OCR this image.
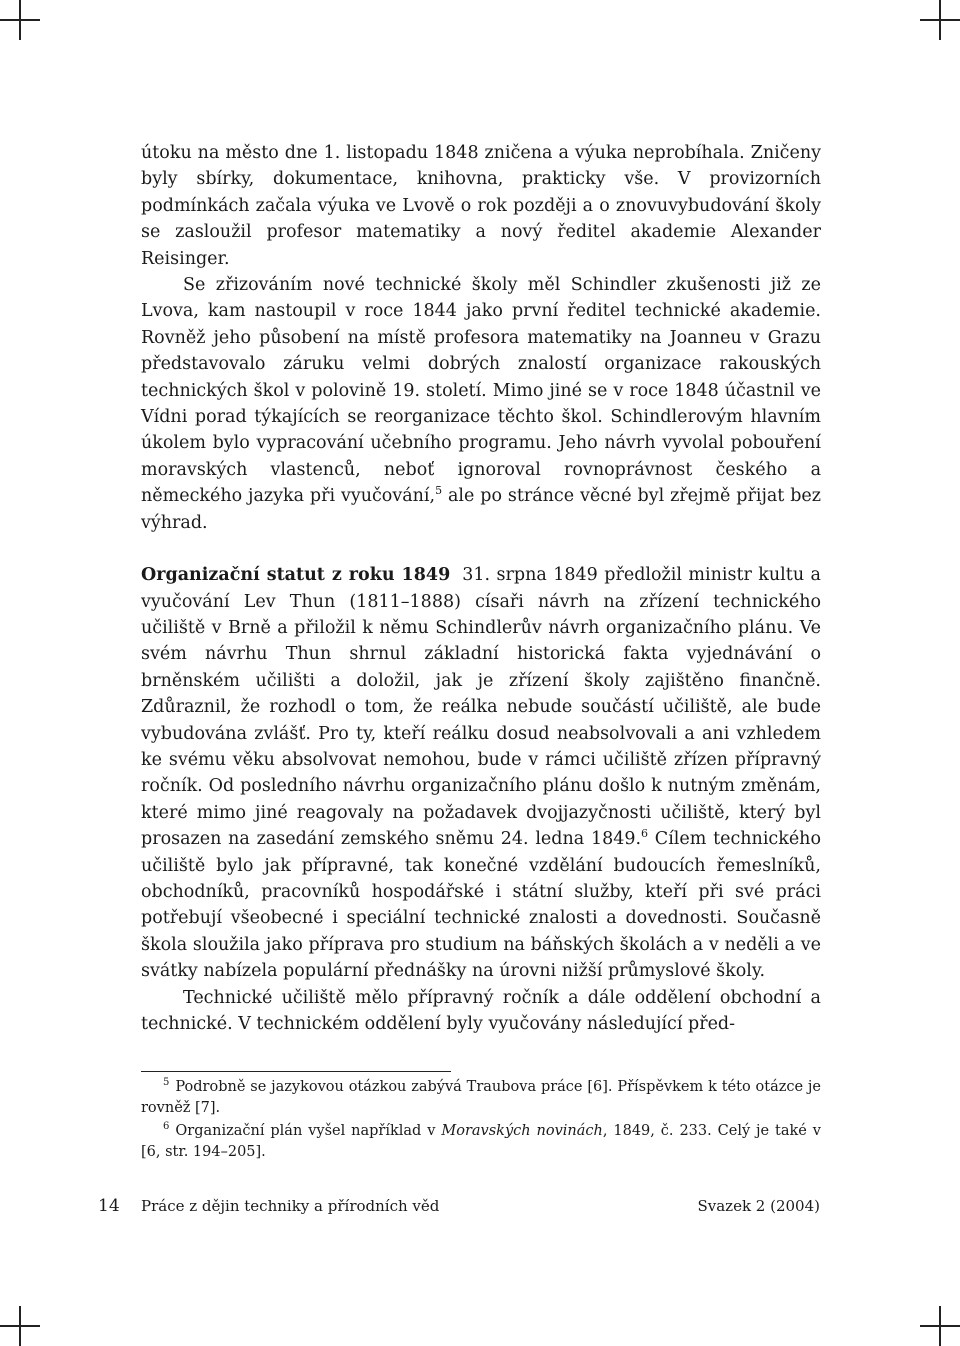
útoku na město dne 1. listopadu 1848 zničena a výuka neprobíhala. Zničeny byly sbírky, dokumentace, knihovna, prakticky vše. V provizorních podmínkách začala výuka ve Lvově o rok později a o znovuvybudování školy se zasloužil profesor matematiky a nový ředitel akademie Alexander Reisinger.

Se zřizováním nové technické školy měl Schindler zkušenosti již ze Lvova, kam nastoupil v roce 1844 jako první ředitel technické akademie. Rovněž jeho působení na místě profesora matematiky na Joanneu v Grazu představovalo záruku velmi dobrých znalostí organizace rakouských technických škol v polovině 19. století. Mimo jiné se v roce 1848 účastnil ve Vídni porad týkajících se reorganizace těchto škol. Schindlerovým hlavním úkolem bylo vypracování učebního programu. Jeho návrh vyvolal pobouření moravských vlastenců, neboť ignoroval rovnoprávnost českého a německého jazyka při vyučování,$^5$ ale po stránce věcné byl zřejmě přijat bez výhrad.

Organizační statut z roku 1849 31. srpna 1849 předložil ministr kultu a vyučování Lev Thun (1811–1888) císaři návrh na zřízení technického učiliště v Brně a přiložil k němu Schindlerův návrh organizačního plánu. Ve svém návrhu Thun shrnul základní historická fakta vyjednávání o brněnském učilišti a doložil, jak je zřízení školy zajištěno finančně. Zdůraznil, že rozhodl o tom, že reálka nebude součástí učiliště, ale bude vybudována zvlášť. Pro ty, kteří reálku dosud neabsolvovali a ani vzhledem ke svému věku absolvovat nemohou, bude v rámci učiliště zřízen přípravný ročník. Od posledního návrhu organizačního plánu došlo k nutným změnám, které mimo jiné reagovaly na požadavek dvojjazyčnosti učiliště, který byl prosazen na zasedání zemského sněmu 24. ledna 1849.$^6$ Cílem technického učiliště bylo jak přípravné, tak konečné vzdělání budoucích řemeslníků, obchodníků, pracovníků hospodářské i státní služby, kteří při své práci potřebují všeobecné i speciální technické znalosti a dovednosti. Současně škola sloužila jako příprava pro studium na báňských školách a v neděli a ve svátky nabízela populární přednášky na úrovni nižší průmyslové školy.

Technické učiliště mělo přípravný ročník a dále oddělení obchodní a technické. V technickém oddělení byly vyučovány následující před-

$^5$ Podrobně se jazykovou otázkou zabývá Traubova práce [6]. Příspěvkem k této otázce je rovněž [7].

$^6$ Organizační plán vyšel například v Moravských novinách, 1849, č. 233. Celý je také v [6, str. 194–205].

14 Práce z dějin techniky a přírodních věd	Svazek 2 (2004)
